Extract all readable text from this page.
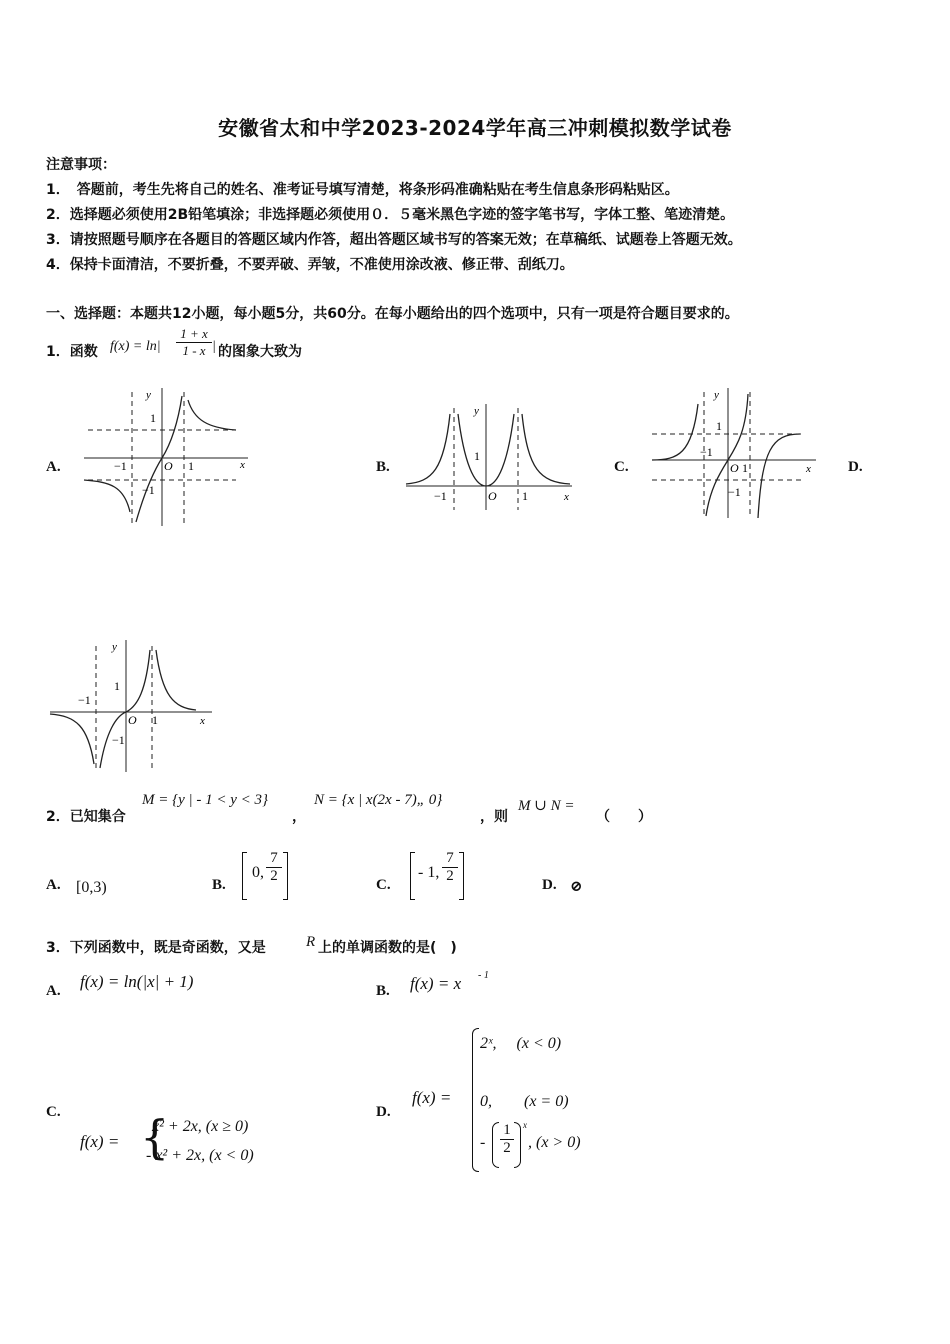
安徽省太和中学2023-2024学年高三冲刺模拟数学试卷
注意事项：
1．　答题前，考生先将自己的姓名、准考证号填写清楚，将条形码准确粘贴在考生信息条形码粘贴区。
2．选择题必须使用2B铅笔填涂；非选择题必须使用０．５毫米黑色字迹的签字笔书写，字体工整、笔迹清楚。
3．请按照题号顺序在各题目的答题区域内作答，超出答题区域书写的答案无效；在草稿纸、试题卷上答题无效。
4．保持卡面清洁，不要折叠，不要弄破、弄皱，不准使用涂改液、修正带、刮纸刀。
一、选择题：本题共12小题，每小题5分，共60分。在每小题给出的四个选项中，只有一项是符合题目要求的。
1．函数 $f(x) = \ln| \frac{1 + x}{1 - x}$ | 的图象大致为
A.	B.	C.	D.
y
x
O
1
1
−1
−1
y
x
O
1
1
−1
y
x
O
1
1
−1
−1
y
x
O
1
1
−1
−1
2．已知集合
M = {y | - 1 < y < 3}
，
N = {x | x(2x - 7)„ 0}
，则
M ∪ N =
（　　）
A. [0,3)	B.
0, $\frac{7}{2}$	C.
- 1, $\frac{7}{2}$	D. ⊘
3．下列函数中，既是奇函数，又是	R 上的单调函数的是(　)
A. f(x) = ln(|x| + 1)	B. f(x) = x - 1
C.
f(x) = {
x² + 2x, (x ≥ 0)
- x² + 2x, (x < 0)
D.
f(x) =
2ˣ,　 (x < 0)
0,　　(x = 0)
- $\frac{1}{2}$ x
, (x > 0)
